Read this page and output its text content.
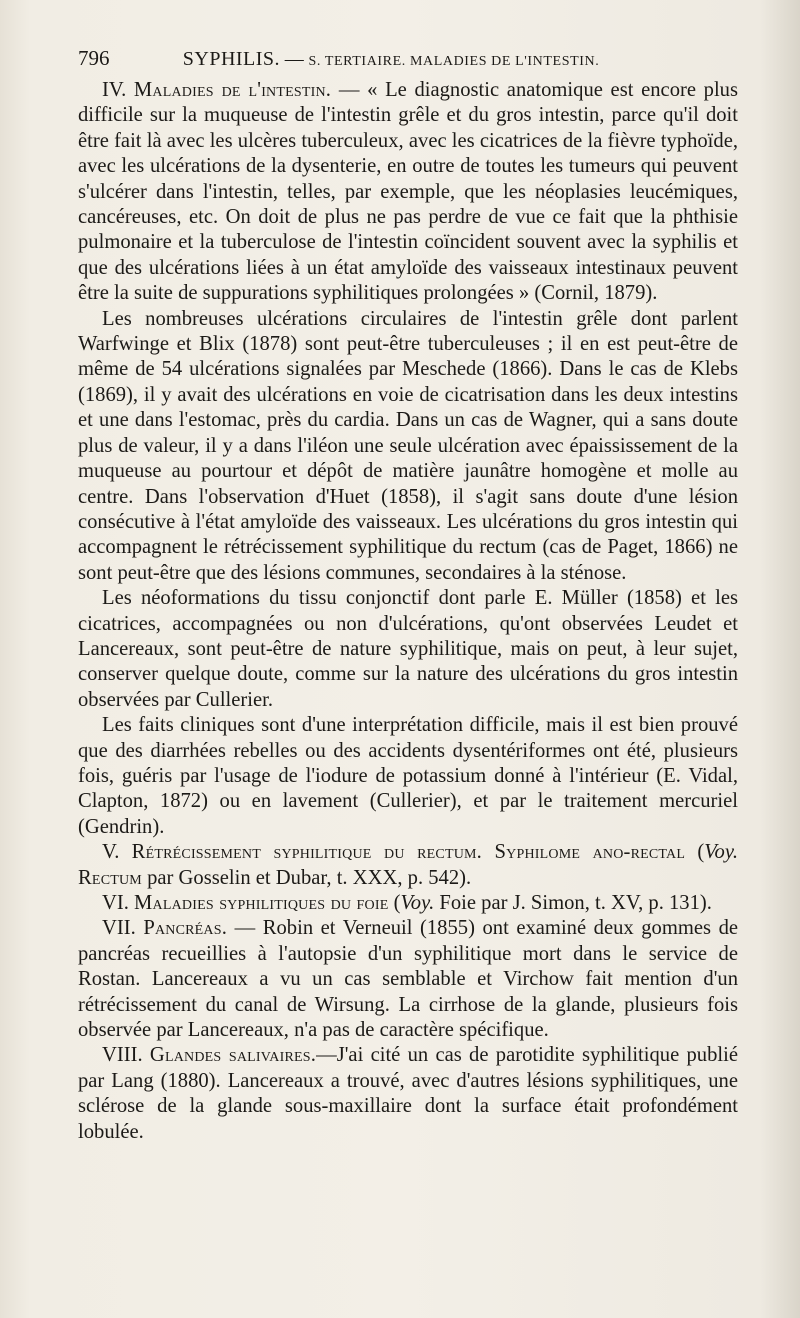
796	SYPHILIS. — S. TERTIAIRE. MALADIES DE L'INTESTIN.

IV. Maladies de l'intestin. — « Le diagnostic anatomique est encore plus difficile sur la muqueuse de l'intestin grêle et du gros intestin, parce qu'il doit être fait là avec les ulcères tuberculeux, avec les cicatrices de la fièvre typhoïde, avec les ulcérations de la dysenterie, en outre de toutes les tumeurs qui peuvent s'ulcérer dans l'intestin, telles, par exemple, que les néoplasies leucémiques, cancéreuses, etc. On doit de plus ne pas perdre de vue ce fait que la phthisie pulmonaire et la tuberculose de l'intestin coïncident souvent avec la syphilis et que des ulcérations liées à un état amyloïde des vaisseaux intestinaux peuvent être la suite de suppurations syphilitiques prolongées » (Cornil, 1879).

Les nombreuses ulcérations circulaires de l'intestin grêle dont parlent Warfwinge et Blix (1878) sont peut-être tuberculeuses ; il en est peut-être de même de 54 ulcérations signalées par Meschede (1866). Dans le cas de Klebs (1869), il y avait des ulcérations en voie de cicatrisation dans les deux intestins et une dans l'estomac, près du cardia. Dans un cas de Wagner, qui a sans doute plus de valeur, il y a dans l'iléon une seule ulcération avec épaississement de la muqueuse au pourtour et dépôt de matière jaunâtre homogène et molle au centre. Dans l'observation d'Huet (1858), il s'agit sans doute d'une lésion consécutive à l'état amyloïde des vaisseaux. Les ulcérations du gros intestin qui accompagnent le rétrécissement syphilitique du rectum (cas de Paget, 1866) ne sont peut-être que des lésions communes, secondaires à la sténose.

Les néoformations du tissu conjonctif dont parle E. Müller (1858) et les cicatrices, accompagnées ou non d'ulcérations, qu'ont observées Leudet et Lancereaux, sont peut-être de nature syphilitique, mais on peut, à leur sujet, conserver quelque doute, comme sur la nature des ulcérations du gros intestin observées par Cullerier.

Les faits cliniques sont d'une interprétation difficile, mais il est bien prouvé que des diarrhées rebelles ou des accidents dysentériformes ont été, plusieurs fois, guéris par l'usage de l'iodure de potassium donné à l'intérieur (E. Vidal, Clapton, 1872) ou en lavement (Cullerier), et par le traitement mercuriel (Gendrin).

V. Rétrécissement syphilitique du rectum. Syphilome ano-rectal (Voy. Rectum par Gosselin et Dubar, t. XXX, p. 542).

VI. Maladies syphilitiques du foie (Voy. Foie par J. Simon, t. XV, p. 131).

VII. Pancréas. — Robin et Verneuil (1855) ont examiné deux gommes de pancréas recueillies à l'autopsie d'un syphilitique mort dans le service de Rostan. Lancereaux a vu un cas semblable et Virchow fait mention d'un rétrécissement du canal de Wirsung. La cirrhose de la glande, plusieurs fois observée par Lancereaux, n'a pas de caractère spécifique.

VIII. Glandes salivaires.—J'ai cité un cas de parotidite syphilitique publié par Lang (1880). Lancereaux a trouvé, avec d'autres lésions syphilitiques, une sclérose de la glande sous-maxillaire dont la surface était profondément lobulée.
